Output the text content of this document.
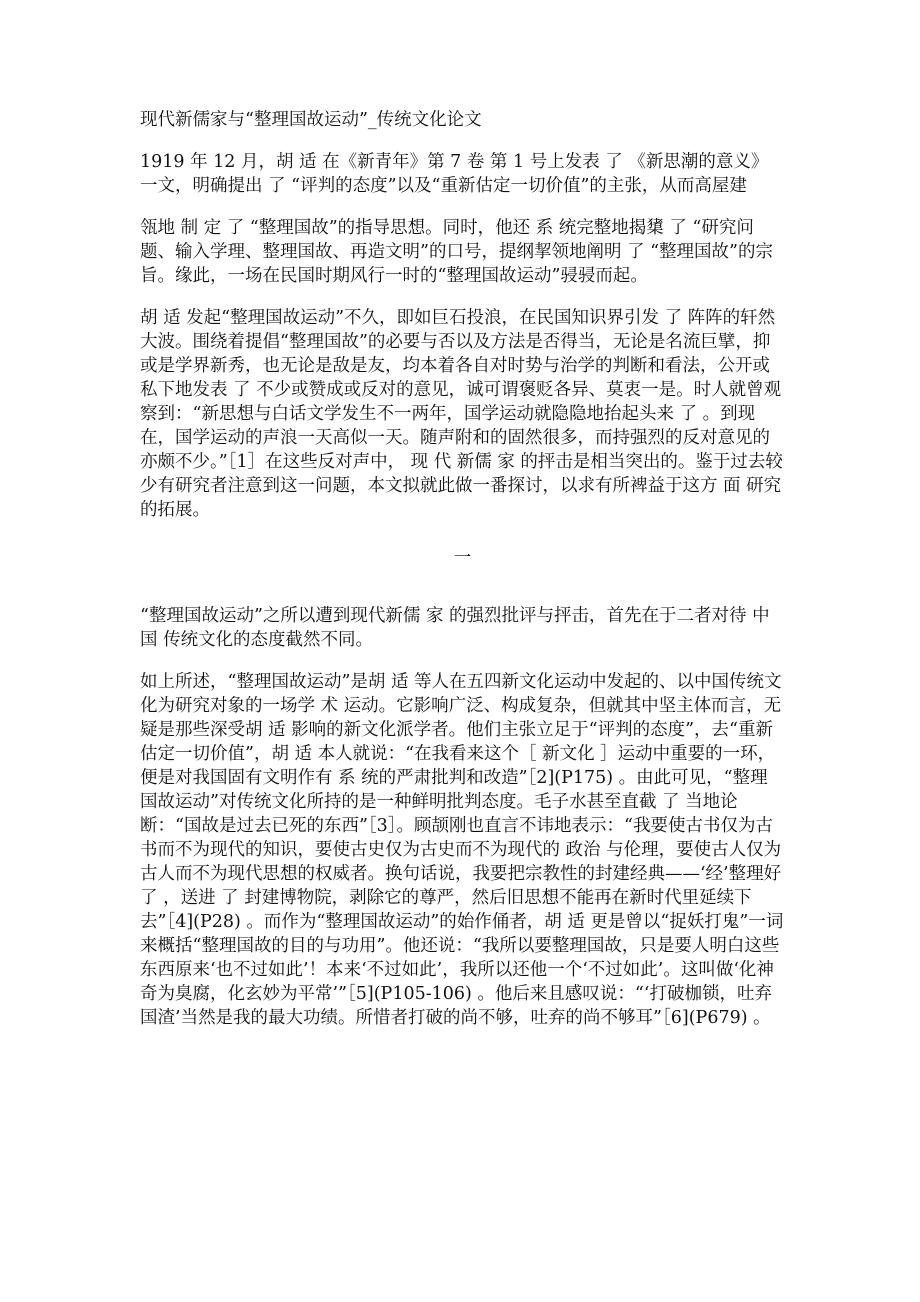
现代新儒家与“整理国故运动”_传统文化论文

1919 年 12 月，胡 适 在《新青年》第 7 卷 第 1 号上发表 了 《新思潮的意义》一文，明确提出 了 “评判的态度”以及“重新估定一切价值”的主张，从而高屋建

瓴地 制 定 了 “整理国故”的指导思想。同时，他还 系 统完整地揭橥 了 “研究问题、输入学理、整理国故、再造文明”的口号，提纲挈领地阐明 了 “整理国故”的宗旨。缘此，一场在民国时期风行一时的“整理国故运动”骎骎而起。

胡 适 发起“整理国故运动”不久，即如巨石投浪，在民国知识界引发 了 阵阵的轩然大波。围绕着提倡“整理国故”的必要与否以及方法是否得当，无论是名流巨擘，抑或是学界新秀，也无论是敌是友，均本着各自对时势与治学的判断和看法，公开或私下地发表 了 不少或赞成或反对的意见，诚可谓褒贬各异、莫衷一是。时人就曾观察到：“新思想与白话文学发生不一两年，国学运动就隐隐地抬起头来 了 。到现在，国学运动的声浪一天高似一天。随声附和的固然很多，而持强烈的反对意见的亦颇不少。”［1］在这些反对声中， 现 代 新儒 家 的抨击是相当突出的。鉴于过去较少有研究者注意到这一问题，本文拟就此做一番探讨，以求有所裨益于这方 面 研究的拓展。

一

“整理国故运动”之所以遭到现代新儒 家 的强烈批评与抨击，首先在于二者对待 中国 传统文化的态度截然不同。

如上所述，“整理国故运动”是胡 适 等人在五四新文化运动中发起的、以中国传统文化为研究对象的一场学 术 运动。它影响广泛、构成复杂，但就其中坚主体而言，无疑是那些深受胡 适 影响的新文化派学者。他们主张立足于“评判的态度”，去“重新估定一切价值”，胡 适 本人就说：“在我看来这个［ 新文化 ］运动中重要的一环，便是对我国固有文明作有 系 统的严肃批判和改造”［2](P175) 。由此可见，“整理国故运动”对传统文化所持的是一种鲜明批判态度。毛子水甚至直截 了 当地论断：“国故是过去已死的东西”［3］。顾颉刚也直言不讳地表示：“我要使古书仅为古书而不为现代的知识，要使古史仅为古史而不为现代的 政治 与伦理，要使古人仅为古人而不为现代思想的权威者。换句话说，我要把宗教性的封建经典——‘经’整理好 了 ，送进 了 封建博物院，剥除它的尊严，然后旧思想不能再在新时代里延续下去”［4](P28) 。而作为“整理国故运动”的始作俑者，胡 适 更是曾以“捉妖打鬼”一词来概括“整理国故的目的与功用”。他还说：“我所以要整理国故，只是要人明白这些东西原来‘也不过如此’！本来‘不过如此’，我所以还他一个‘不过如此’。这叫做‘化神奇为臭腐，化玄妙为平常’”［5](P105-106) 。他后来且感叹说：“‘打破枷锁，吐弃国渣’当然是我的最大功绩。所惜者打破的尚不够，吐弃的尚不够耳”［6](P679) 。
